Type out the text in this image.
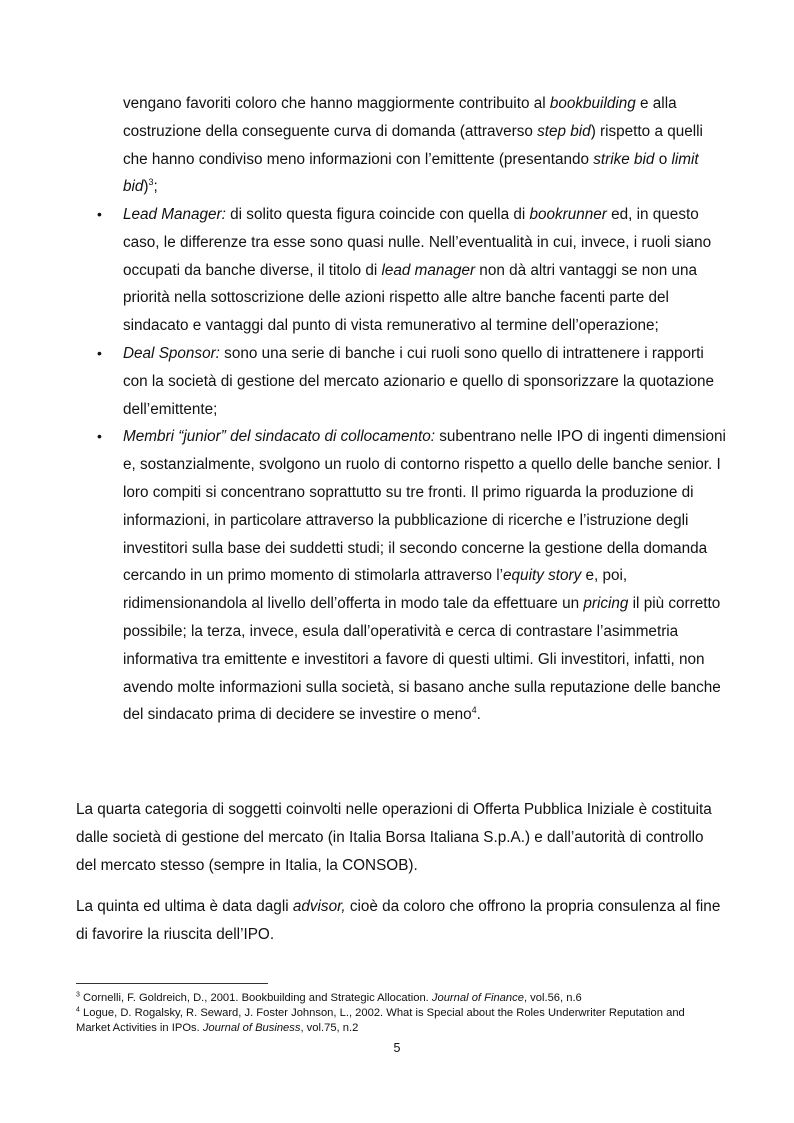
vengano favoriti coloro che hanno maggiormente contribuito al bookbuilding e alla costruzione della conseguente curva di domanda (attraverso step bid) rispetto a quelli che hanno condiviso meno informazioni con l’emittente (presentando strike bid o limit bid)$^3$;

• Lead Manager: di solito questa figura coincide con quella di bookrunner ed, in questo caso, le differenze tra esse sono quasi nulle. Nell’eventualità in cui, invece, i ruoli siano occupati da banche diverse, il titolo di lead manager non dà altri vantaggi se non una priorità nella sottoscrizione delle azioni rispetto alle altre banche facenti parte del sindacato e vantaggi dal punto di vista remunerativo al termine dell’operazione;
• Deal Sponsor: sono una serie di banche i cui ruoli sono quello di intrattenere i rapporti con la società di gestione del mercato azionario e quello di sponsorizzare la quotazione dell’emittente;
• Membri “junior” del sindacato di collocamento: subentrano nelle IPO di ingenti dimensioni e, sostanzialmente, svolgono un ruolo di contorno rispetto a quello delle banche senior. I loro compiti si concentrano soprattutto su tre fronti. Il primo riguarda la produzione di informazioni, in particolare attraverso la pubblicazione di ricerche e l’istruzione degli investitori sulla base dei suddetti studi; il secondo concerne la gestione della domanda cercando in un primo momento di stimolarla attraverso l’equity story e, poi, ridimensionandola al livello dell’offerta in modo tale da effettuare un pricing il più corretto possibile; la terza, invece, esula dall’operatività e cerca di contrastare l’asimmetria informativa tra emittente e investitori a favore di questi ultimi. Gli investitori, infatti, non avendo molte informazioni sulla società, si basano anche sulla reputazione delle banche del sindacato prima di decidere se investire o meno$^4$.

La quarta categoria di soggetti coinvolti nelle operazioni di Offerta Pubblica Iniziale è costituita dalle società di gestione del mercato (in Italia Borsa Italiana S.p.A.) e dall’autorità di controllo del mercato stesso (sempre in Italia, la CONSOB).

La quinta ed ultima è data dagli advisor, cioè da coloro che offrono la propria consulenza al fine di favorire la riuscita dell’IPO.

$^3$ Cornelli, F. Goldreich, D., 2001. Bookbuilding and Strategic Allocation. Journal of Finance, vol.56, n.6

$^4$ Logue, D. Rogalsky, R. Seward, J. Foster Johnson, L., 2002. What is Special about the Roles Underwriter Reputation and Market Activities in IPOs. Journal of Business, vol.75, n.2

5
